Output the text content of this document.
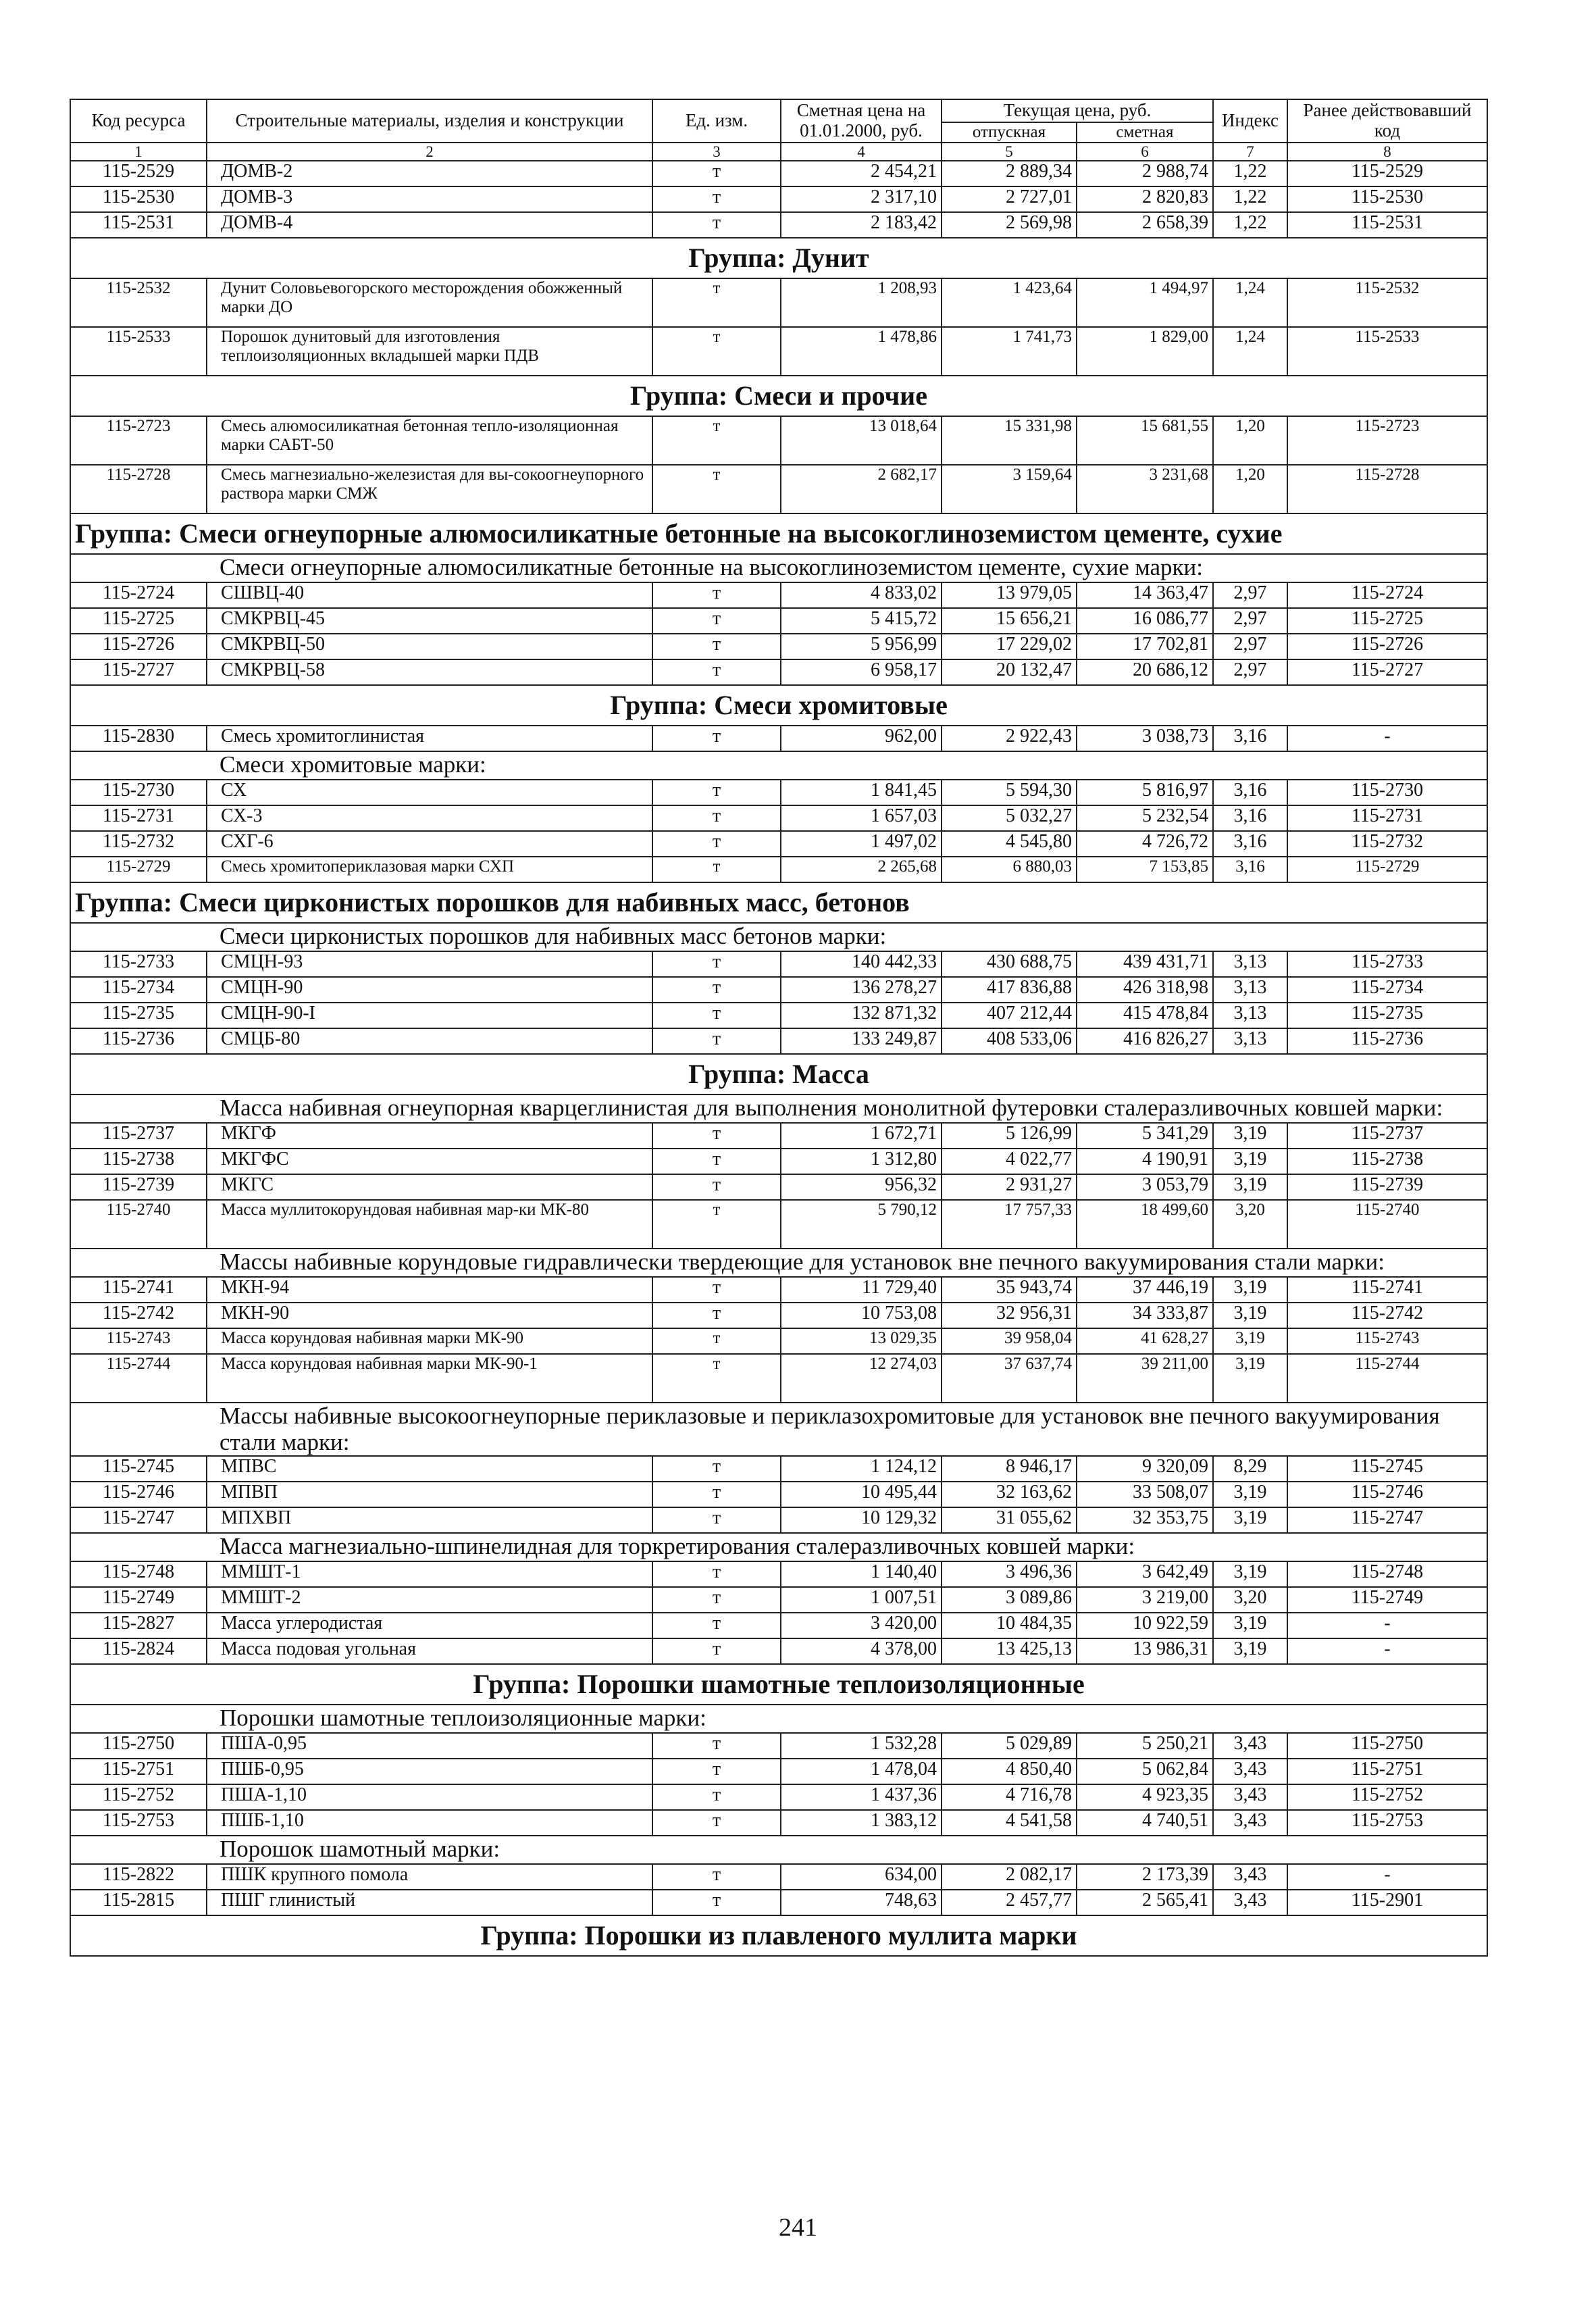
Код ресурса	Строительные материалы, изделия и конструкции	Ед. изм.	Сметная цена на 01.01.2000, руб.	Текущая цена, руб.		Индекс	Ранее действовавший код
				отпускная	сметная		
1	2	3	4	5	6	7	8
115-2529	ДОМВ-2	т	2 454,21	2 889,34	2 988,74	1,22	115-2529
115-2530	ДОМВ-3	т	2 317,10	2 727,01	2 820,83	1,22	115-2530
115-2531	ДОМВ-4	т	2 183,42	2 569,98	2 658,39	1,22	115-2531
Группа: Дунит							
115-2532	Дунит Соловьевогорского месторождения обожженный марки ДО	т	1 208,93	1 423,64	1 494,97	1,24	115-2532
115-2533	Порошок дунитовый для изготовления теплоизоляционных вкладышей марки ПДВ	т	1 478,86	1 741,73	1 829,00	1,24	115-2533
Группа: Смеси и прочие							
115-2723	Смесь алюмосиликатная бетонная тепло-изоляционная марки САБТ-50	т	13 018,64	15 331,98	15 681,55	1,20	115-2723
115-2728	Смесь магнезиально-железистая для вы-сокоогнеупорного раствора марки СМЖ	т	2 682,17	3 159,64	3 231,68	1,20	115-2728
Группа: Смеси огнеупорные алюмосиликатные бетонные на высокоглиноземистом цементе, сухие							
Смеси огнеупорные алюмосиликатные бетонные на высокоглиноземистом цементе, сухие марки:							
115-2724	СШВЦ-40	т	4 833,02	13 979,05	14 363,47	2,97	115-2724
115-2725	СМКРВЦ-45	т	5 415,72	15 656,21	16 086,77	2,97	115-2725
115-2726	СМКРВЦ-50	т	5 956,99	17 229,02	17 702,81	2,97	115-2726
115-2727	СМКРВЦ-58	т	6 958,17	20 132,47	20 686,12	2,97	115-2727
Группа: Смеси хромитовые							
115-2830	Смесь хромитоглинистая	т	962,00	2 922,43	3 038,73	3,16	-
Смеси хромитовые марки:							
115-2730	СХ	т	1 841,45	5 594,30	5 816,97	3,16	115-2730
115-2731	СХ-3	т	1 657,03	5 032,27	5 232,54	3,16	115-2731
115-2732	СХГ-6	т	1 497,02	4 545,80	4 726,72	3,16	115-2732
115-2729	Смесь хромитопериклазовая марки СХП	т	2 265,68	6 880,03	7 153,85	3,16	115-2729
Группа: Смеси цирконистых порошков для набивных масс, бетонов							
Смеси цирконистых порошков для набивных масс бетонов марки:							
115-2733	СМЦН-93	т	140 442,33	430 688,75	439 431,71	3,13	115-2733
115-2734	СМЦН-90	т	136 278,27	417 836,88	426 318,98	3,13	115-2734
115-2735	СМЦН-90-I	т	132 871,32	407 212,44	415 478,84	3,13	115-2735
115-2736	СМЦБ-80	т	133 249,87	408 533,06	416 826,27	3,13	115-2736
Группа: Масса							
Масса набивная огнеупорная кварцеглинистая для выполнения монолитной футеровки сталеразливочных ковшей марки:							
115-2737	МКГФ	т	1 672,71	5 126,99	5 341,29	3,19	115-2737
115-2738	МКГФС	т	1 312,80	4 022,77	4 190,91	3,19	115-2738
115-2739	МКГС	т	956,32	2 931,27	3 053,79	3,19	115-2739
115-2740	Масса муллитокорундовая набивная мар-ки МК-80	т	5 790,12	17 757,33	18 499,60	3,20	115-2740
Массы набивные корундовые гидравлически твердеющие для установок вне печного вакуумирования стали марки:							
115-2741	МКН-94	т	11 729,40	35 943,74	37 446,19	3,19	115-2741
115-2742	МКН-90	т	10 753,08	32 956,31	34 333,87	3,19	115-2742
115-2743	Масса корундовая набивная марки МК-90	т	13 029,35	39 958,04	41 628,27	3,19	115-2743
115-2744	Масса корундовая набивная марки МК-90-1	т	12 274,03	37 637,74	39 211,00	3,19	115-2744
Массы набивные высокоогнеупорные периклазовые и периклазохромитовые для установок вне печного вакуумирования стали марки:							
115-2745	МПВС	т	1 124,12	8 946,17	9 320,09	8,29	115-2745
115-2746	МПВП	т	10 495,44	32 163,62	33 508,07	3,19	115-2746
115-2747	МПХВП	т	10 129,32	31 055,62	32 353,75	3,19	115-2747
Масса магнезиально-шпинелидная для торкретирования сталеразливочных ковшей марки:							
115-2748	ММШТ-1	т	1 140,40	3 496,36	3 642,49	3,19	115-2748
115-2749	ММШТ-2	т	1 007,51	3 089,86	3 219,00	3,20	115-2749
115-2827	Масса углеродистая	т	3 420,00	10 484,35	10 922,59	3,19	-
115-2824	Масса подовая угольная	т	4 378,00	13 425,13	13 986,31	3,19	-
Группа: Порошки шамотные теплоизоляционные							
Порошки шамотные теплоизоляционные марки:							
115-2750	ПША-0,95	т	1 532,28	5 029,89	5 250,21	3,43	115-2750
115-2751	ПШБ-0,95	т	1 478,04	4 850,40	5 062,84	3,43	115-2751
115-2752	ПША-1,10	т	1 437,36	4 716,78	4 923,35	3,43	115-2752
115-2753	ПШБ-1,10	т	1 383,12	4 541,58	4 740,51	3,43	115-2753
Порошок шамотный марки:							
115-2822	ПШК крупного помола	т	634,00	2 082,17	2 173,39	3,43	-
115-2815	ПШГ глинистый	т	748,63	2 457,77	2 565,41	3,43	115-2901
Группа: Порошки из плавленого муллита марки							
241
